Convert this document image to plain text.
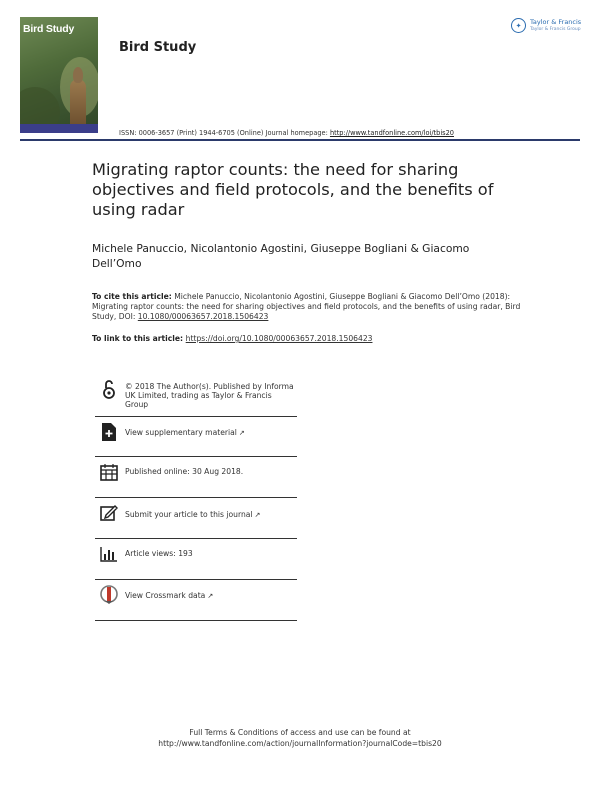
Bird Study
Bird Study
✦	Taylor & Francis
Taylor & Francis Group
ISSN: 0006-3657 (Print) 1944-6705 (Online) Journal homepage: http://www.tandfonline.com/loi/tbis20
Migrating raptor counts: the need for sharing objectives and field protocols, and the benefits of using radar
Michele Panuccio, Nicolantonio Agostini, Giuseppe Bogliani & Giacomo Dell’Omo
To cite this article: Michele Panuccio, Nicolantonio Agostini, Giuseppe Bogliani & Giacomo Dell’Omo (2018): Migrating raptor counts: the need for sharing objectives and field protocols, and the benefits of using radar, Bird Study, DOI: 10.1080/00063657.2018.1506423
To link to this article: https://doi.org/10.1080/00063657.2018.1506423
© 2018 The Author(s). Published by Informa UK Limited, trading as Taylor & Francis Group
View supplementary material ↗
Published online: 30 Aug 2018.
Submit your article to this journal ↗
Article views: 193
View Crossmark data ↗
Full Terms & Conditions of access and use can be found at
http://www.tandfonline.com/action/journalInformation?journalCode=tbis20
